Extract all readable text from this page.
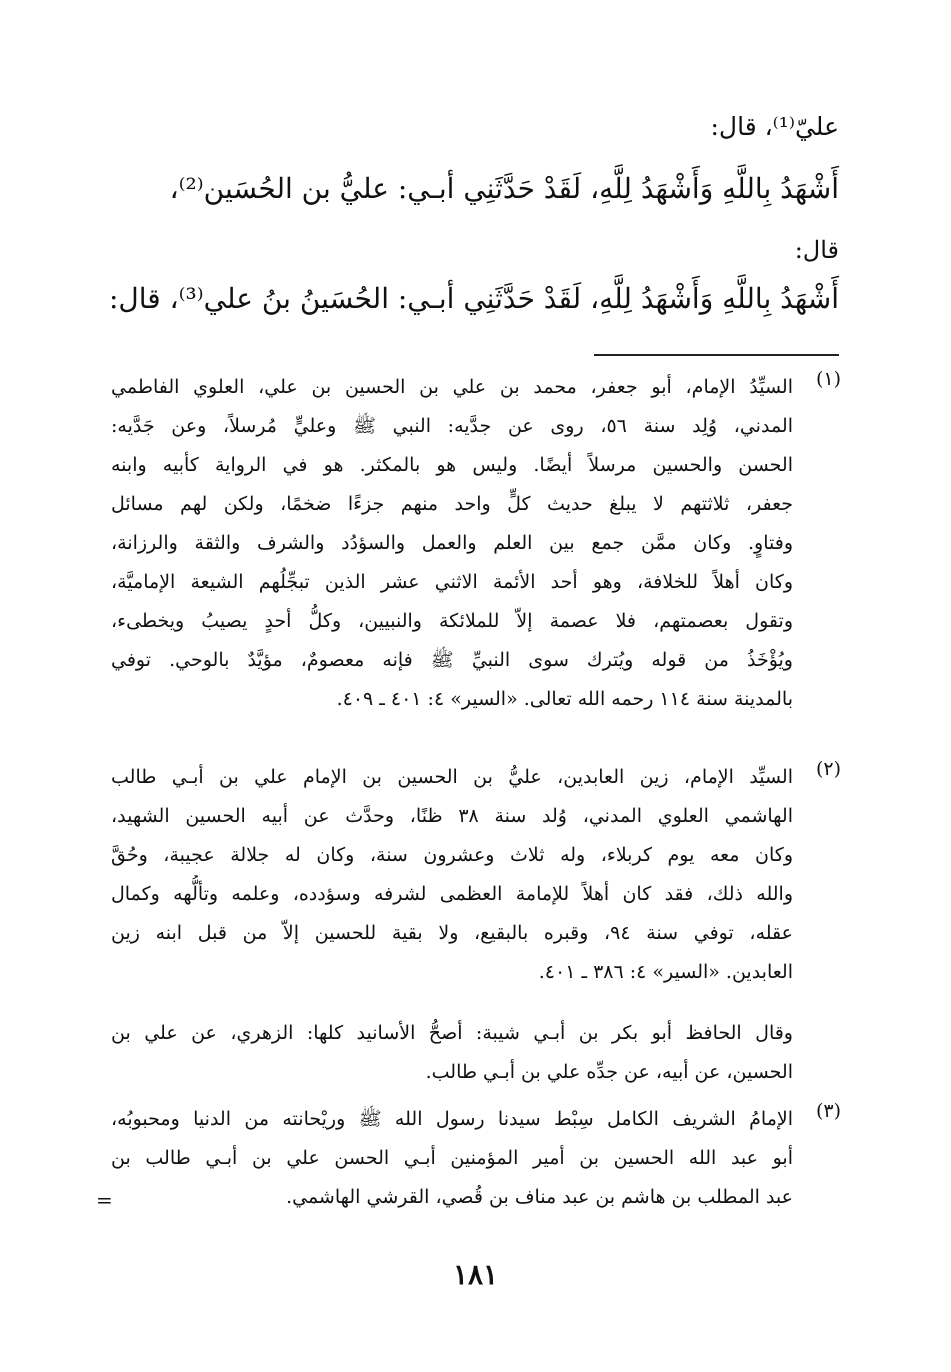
عليّ⁽¹⁾، قال:

أَشْهَدُ بِاللَّهِ وَأَشْهَدُ لِلَّهِ، لَقَدْ حَدَّثَنِي أبـي: عليُّ بن الحُسَين⁽²⁾،

قال:

أَشْهَدُ بِاللَّهِ وَأَشْهَدُ لِلَّهِ، لَقَدْ حَدَّثَنِي أبـي: الحُسَينُ بنُ علي⁽³⁾، قال:

(١)
السيِّدُ الإمام، أبو جعفر، محمد بن علي بن الحسين بن علي، العلوي الفاطمي
المدني، وُلِد سنة ٥٦، روى عن جدَّيه: النبي ﷺ وعليٍّ مُرسلاً، وعن جَدَّيه:
الحسن والحسين مرسلاً أيضًا. وليس هو بالمكثر. هو في الرواية كأبيه وابنه
جعفر، ثلاثتهم لا يبلغ حديث كلٍّ واحد منهم جزءًا ضخمًا، ولكن لهم مسائل
وفتاوٍ. وكان ممَّن جمع بين العلم والعمل والسؤدُد والشرف والثقة والرزانة،
وكان أهلاً للخلافة، وهو أحد الأئمة الاثني عشر الذين تبجِّلُهم الشيعة الإماميَّة،
وتقول بعصمتهم، فلا عصمة إلاّ للملائكة والنبيين، وكلُّ أحدٍ يصيبُ ويخطىء،
ويُؤْخَذُ من قوله ويُترك سوى النبيِّ ﷺ فإنه معصومٌ، مؤيَّدٌ بالوحي. توفي
بالمدينة سنة ١١٤ رحمه الله تعالى. «السير» ٤: ٤٠١ ـ ٤٠٩.
(٢)
السيِّد الإمام، زين العابدين، عليُّ بن الحسين بن الإمام علي بن أبـي طالب
الهاشمي العلوي المدني، وُلد سنة ٣٨ ظنًا، وحدَّث عن أبيه الحسين الشهيد،
وكان معه يوم كربلاء، وله ثلاث وعشرون سنة، وكان له جلالة عجيبة، وحُقَّ
والله ذلك، فقد كان أهلاً للإمامة العظمى لشرفه وسؤدده، وعلمه وتألُّهه وكمال
عقله، توفي سنة ٩٤، وقبره بالبقيع، ولا بقية للحسين إلاّ من قبل ابنه زين
العابدين. «السير» ٤: ٣٨٦ ـ ٤٠١.
وقال الحافظ أبو بكر بن أبـي شيبة: أصحُّ الأسانيد كلها: الزهري، عن علي بن
الحسين، عن أبيه، عن جدِّه علي بن أبـي طالب.
(٣)
الإمامُ الشريف الكامل سِبْط سيدنا رسول الله ﷺ وريْحانته من الدنيا ومحبوبُه،
أبو عبد الله الحسين بن أمير المؤمنين أبـي الحسن علي بن أبـي طالب بن
عبد المطلب بن هاشم بن عبد مناف بن قُصي، القرشي الهاشمي.
=
١٨١
